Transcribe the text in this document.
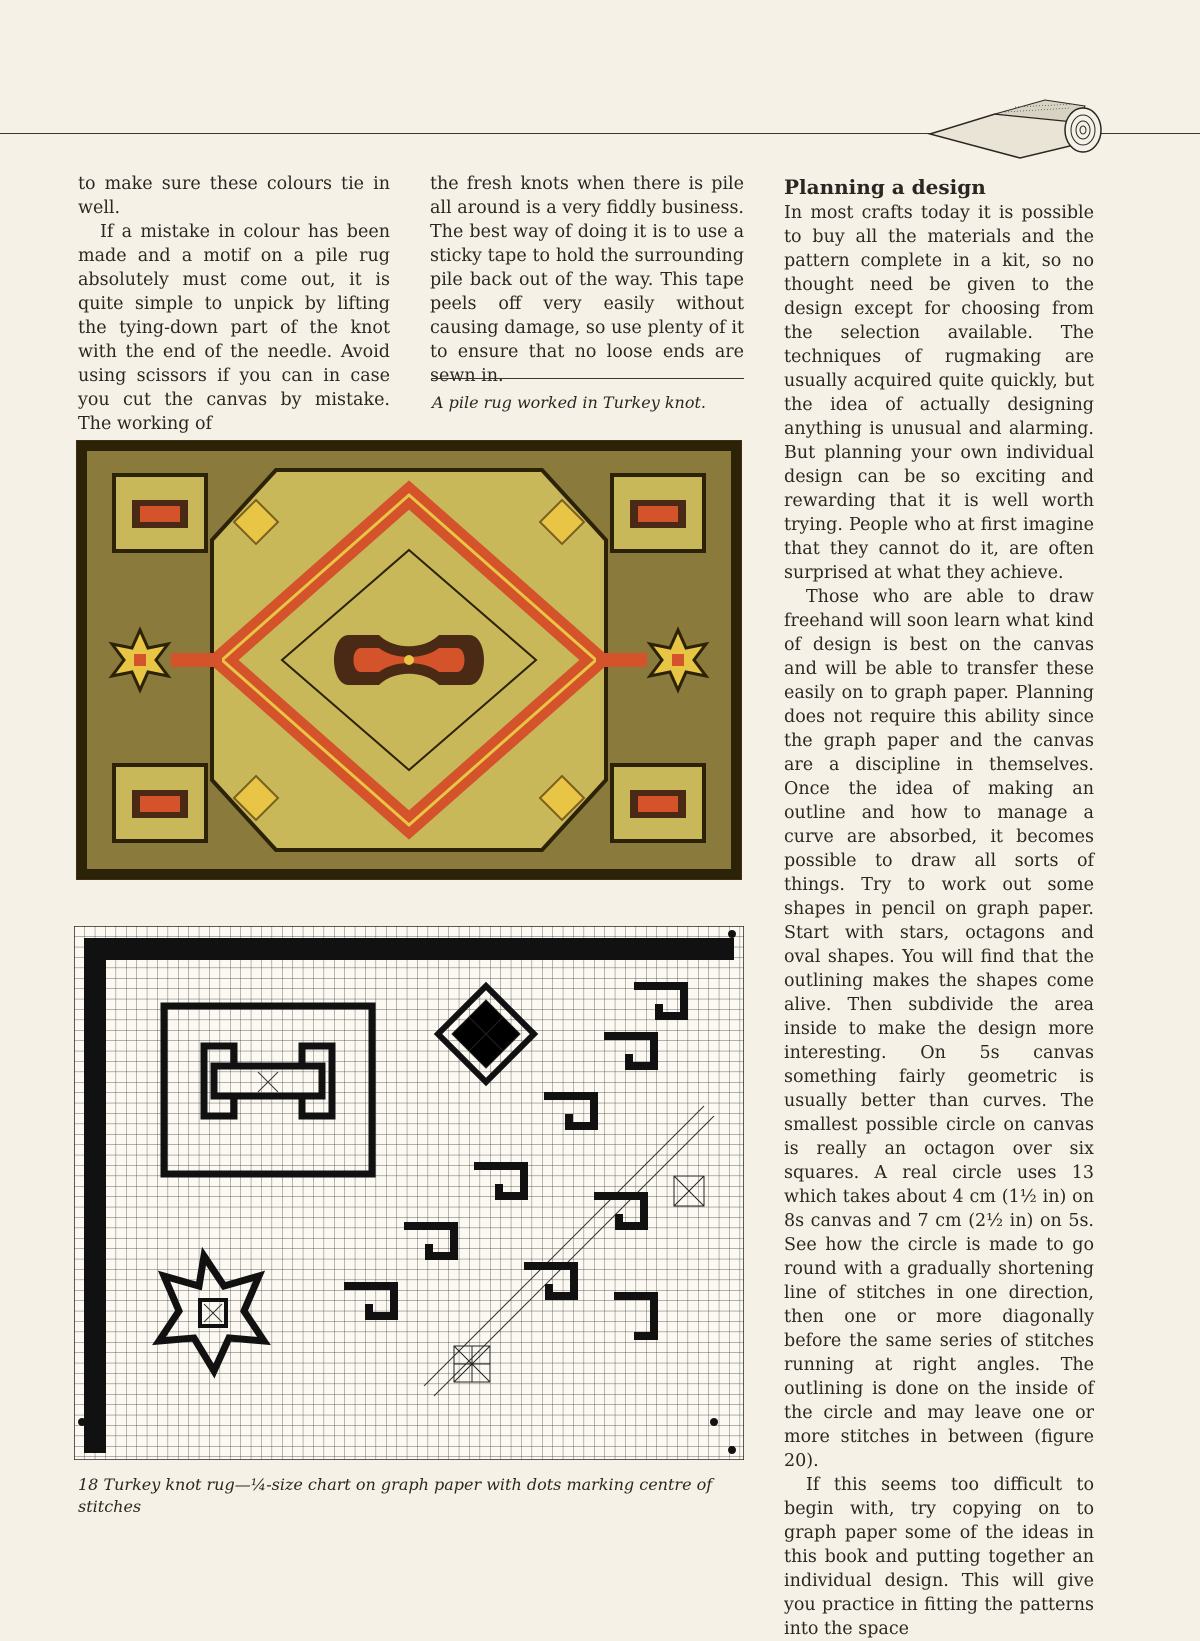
to make sure these colours tie in well.

If a mistake in colour has been made and a motif on a pile rug absolutely must come out, it is quite simple to unpick by lifting the tying-down part of the knot with the end of the needle. Avoid using scissors if you can in case you cut the canvas by mistake. The working of

the fresh knots when there is pile all around is a very fiddly business. The best way of doing it is to use a sticky tape to hold the surrounding pile back out of the way. This tape peels off very easily without causing damage, so use plenty of it to ensure that no loose ends are sewn in.

A pile rug worked in Turkey knot.
18 Turkey knot rug—¼-size chart on graph paper with dots marking centre of stitches
Planning a design

In most crafts today it is possible to buy all the materials and the pattern complete in a kit, so no thought need be given to the design except for choosing from the selection available. The techniques of rugmaking are usually acquired quite quickly, but the idea of actually designing anything is unusual and alarming. But planning your own individual design can be so exciting and rewarding that it is well worth trying. People who at first imagine that they cannot do it, are often surprised at what they achieve.

Those who are able to draw freehand will soon learn what kind of design is best on the canvas and will be able to transfer these easily on to graph paper. Planning does not require this ability since the graph paper and the canvas are a discipline in themselves. Once the idea of making an outline and how to manage a curve are absorbed, it becomes possible to draw all sorts of things. Try to work out some shapes in pencil on graph paper. Start with stars, octagons and oval shapes. You will find that the outlining makes the shapes come alive. Then subdivide the area inside to make the design more interesting. On 5s canvas something fairly geometric is usually better than curves. The smallest possible circle on canvas is really an octagon over six squares. A real circle uses 13 which takes about 4 cm (1½ in) on 8s canvas and 7 cm (2½ in) on 5s. See how the circle is made to go round with a gradually shortening line of stitches in one direction, then one or more diagonally before the same series of stitches running at right angles. The outlining is done on the inside of the circle and may leave one or more stitches in between (figure 20).

If this seems too difficult to begin with, try copying on to graph paper some of the ideas in this book and putting together an individual design. This will give you practice in fitting the patterns into the space
